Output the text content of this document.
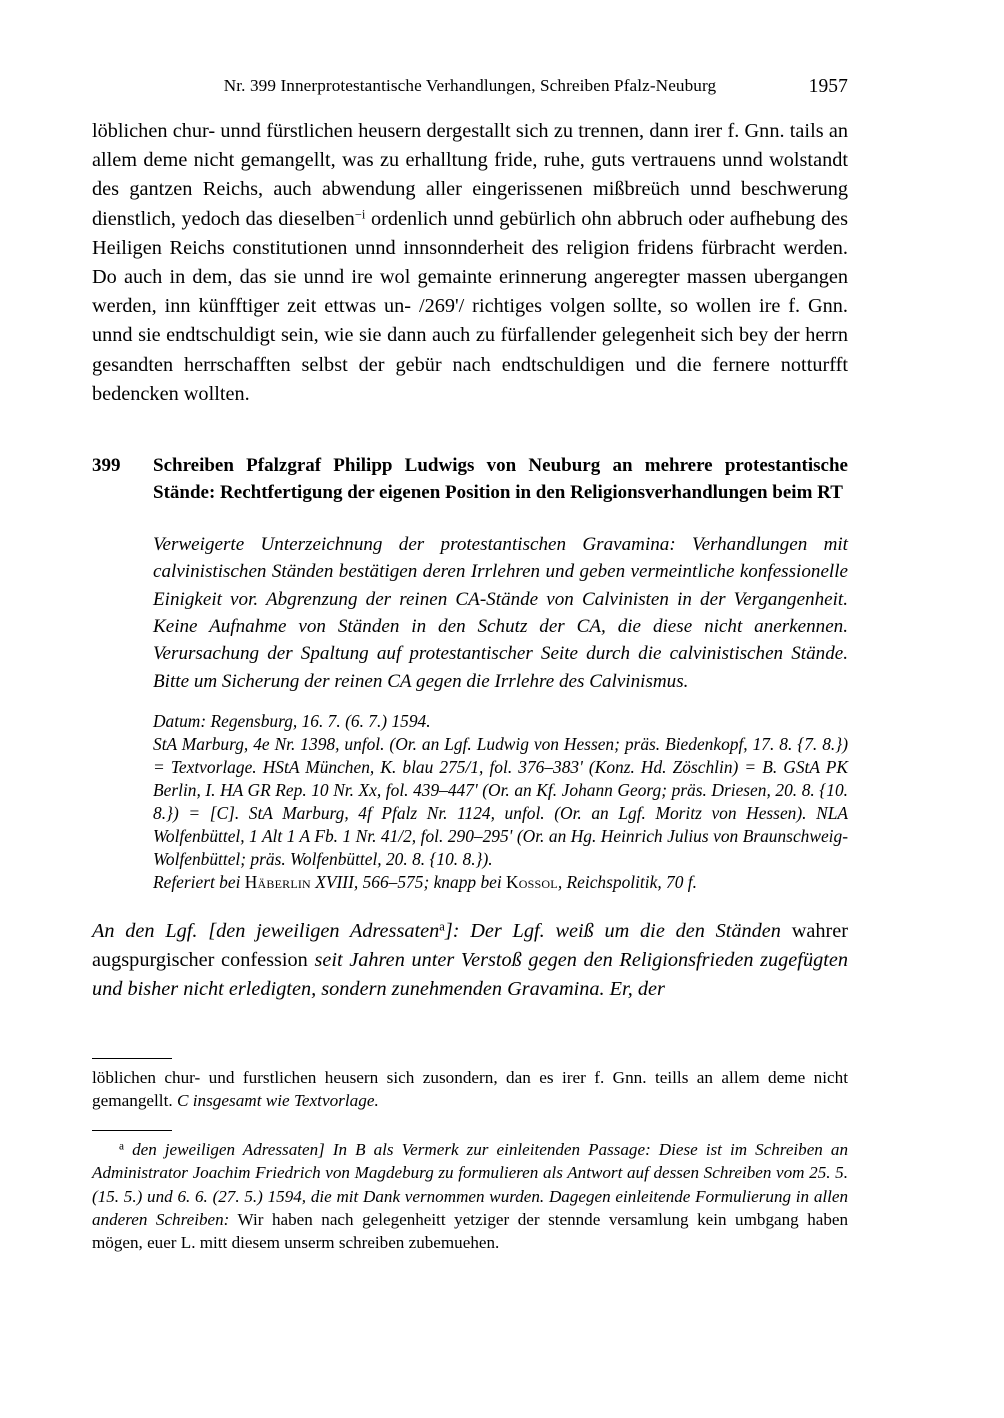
Nr. 399 Innerprotestantische Verhandlungen, Schreiben Pfalz-Neuburg	1957

löblichen chur- unnd fürstlichen heusern dergestallt sich zu trennen, dann irer f. Gnn. tails an allem deme nicht gemangellt, was zu erhalltung fride, ruhe, guts vertrauens unnd wolstandt des gantzen Reichs, auch abwendung aller eingerissenen mißbreüch unnd beschwerung dienstlich, yedoch das dieselben$^{-i}$ ordenlich unnd gebürlich ohn abbruch oder aufhebung des Heiligen Reichs constitutionen unnd innsonnderheit des religion fridens fürbracht werden. Do auch in dem, das sie unnd ire wol gemainte erinnerung angeregter massen ubergangen werden, inn künfftiger zeit ettwas un- /269'/ richtiges volgen sollte, so wollen ire f. Gnn. unnd sie endtschuldigt sein, wie sie dann auch zu fürfallender gelegenheit sich bey der herrn gesandten herrschafften selbst der gebür nach endtschuldigen und die fernere notturfft bedencken wollten.

399	Schreiben Pfalzgraf Philipp Ludwigs von Neuburg an mehrere protestantische Stände: Rechtfertigung der eigenen Position in den Religionsverhandlungen beim RT

Verweigerte Unterzeichnung der protestantischen Gravamina: Verhandlungen mit calvinistischen Ständen bestätigen deren Irrlehren und geben vermeintliche konfessionelle Einigkeit vor. Abgrenzung der reinen CA-Stände von Calvinisten in der Vergangenheit. Keine Aufnahme von Ständen in den Schutz der CA, die diese nicht anerkennen. Verursachung der Spaltung auf protestantischer Seite durch die calvinistischen Stände. Bitte um Sicherung der reinen CA gegen die Irrlehre des Calvinismus.

Datum: Regensburg, 16. 7. (6. 7.) 1594.

StA Marburg, 4e Nr. 1398, unfol. (Or. an Lgf. Ludwig von Hessen; präs. Biedenkopf, 17. 8. {7. 8.}) = Textvorlage. HStA München, K. blau 275/1, fol. 376–383' (Konz. Hd. Zöschlin) = B. GStA PK Berlin, I. HA GR Rep. 10 Nr. Xx, fol. 439–447' (Or. an Kf. Johann Georg; präs. Driesen, 20. 8. {10. 8.}) = [C]. StA Marburg, 4f Pfalz Nr. 1124, unfol. (Or. an Lgf. Moritz von Hessen). NLA Wolfenbüttel, 1 Alt 1 A Fb. 1 Nr. 41/2, fol. 290–295' (Or. an Hg. Heinrich Julius von Braunschweig-Wolfenbüttel; präs. Wolfenbüttel, 20. 8. {10. 8.}).

Referiert bei Häberlin XVIII, 566–575; knapp bei Kossol, Reichspolitik, 70 f.

An den Lgf. [den jeweiligen Adressaten$^a$]: Der Lgf. weiß um die den Ständen wahrer augspurgischer confession seit Jahren unter Verstoß gegen den Religionsfrieden zugefügten und bisher nicht erledigten, sondern zunehmenden Gravamina. Er, der

löblichen chur- und furstlichen heusern sich zusondern, dan es irer f. Gnn. teills an allem deme nicht gemangellt. C insgesamt wie Textvorlage.

$^a$ den jeweiligen Adressaten] In B als Vermerk zur einleitenden Passage: Diese ist im Schreiben an Administrator Joachim Friedrich von Magdeburg zu formulieren als Antwort auf dessen Schreiben vom 25. 5. (15. 5.) und 6. 6. (27. 5.) 1594, die mit Dank vernommen wurden. Dagegen einleitende Formulierung in allen anderen Schreiben: Wir haben nach gelegenheitt yetziger der stennde versamlung kein umbgang haben mögen, euer L. mitt diesem unserm schreiben zubemuehen.
